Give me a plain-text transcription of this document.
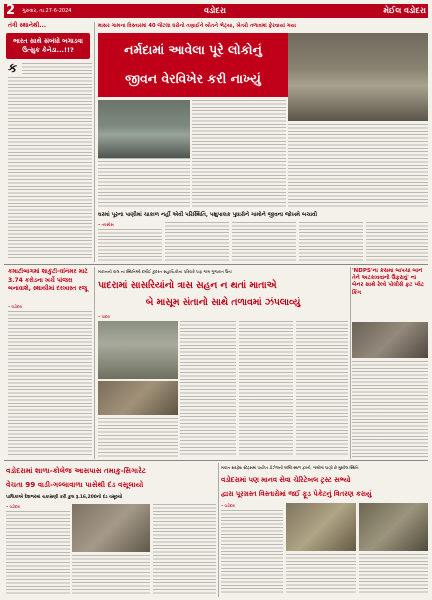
2	ગુરુવાર, તા.27-6-2024	વડોદરા	મેઈલ વડોદરા
તંત્રી સ્થાનેથી...
ભારત સાથે સંબંધો બગાડવા ઉત્સુક કેનેડા...!!?
ક
માસર ગામના વિસ્તારમાં 40 જેટલા ધરોનો તણાઈને બોતને ભેટ્યા, ખેતરો તળાવમાં ફેરવાયાં ગયા
નર્મદામાં આવેલા પૂરે લોકોનું
જીવન વેરવિખેર કરી નાખ્યું
ઘરમાં પૂરના પાણીમાં ચાકાળ નહીં એવી પરિસ્થિતિ, પશુપાલક પુધારોને ગામોને જીવના જોખમે બચાવી
• તવસીસ
કમાટીબાગમાં શાકુંટી-વનિમર માટે 3.74 કરોડના ખર્ચે પાંજરા બનાવાશે, સ્થાયીમાં દરખાસ્ત રજૂ
• વડોદરા
મકાનની વાલ ના સ્થિતિઓ દર્માઈ કુદરત સહાયિકોના પરિવારે પણ ગામ ગુજરાત ઉતા
પાદરામાં સાસરિયાંનો ત્રાસ સહન ન થતાં માતાએ
બે માસૂમ સંતાનો સાથે તળાવમાં ઝંપલાવ્યું
• પાદરા
'NDPS'ના કેસમાં બાપચા બાને તેને અટકાવવાનો ઉફરાવું' ના બેનર સાથે રેલ્વે પોલીસે ફટ પ્લેટ કિંગ
વડોદરામાં શાળા-કોલેજ આસપાસ તમાકુ-સિગારેટ
વેચતા 99 વાડી-ગલ્લાવાળા પાસેથી દંડ વસૂલાયો
પાલિકાએ દેશભરમાં ચકાસણી કરી કુલ રૂ.16,200નો દંડ વસૂલ્યો
• વડોદરા
મકાન સરફેશ સ્ટેટ્સમાં પર્યાપ્ત ડીઝેલની લબ્ધિ સ્થળ ફરતી, ગામોમાં પાણી છે મુશ્કેલ સ્થિતિ
વડોદરામાં પણ માનવ સેવા ચેરિટેબલ ટ્રસ્ટ સભ્યો
દ્વારા પૂરગ્રસ્ત વિસ્તારોમાં જઈ ફૂડ પેકેટનું વિતરણ કરાયું
• વડોદરા
